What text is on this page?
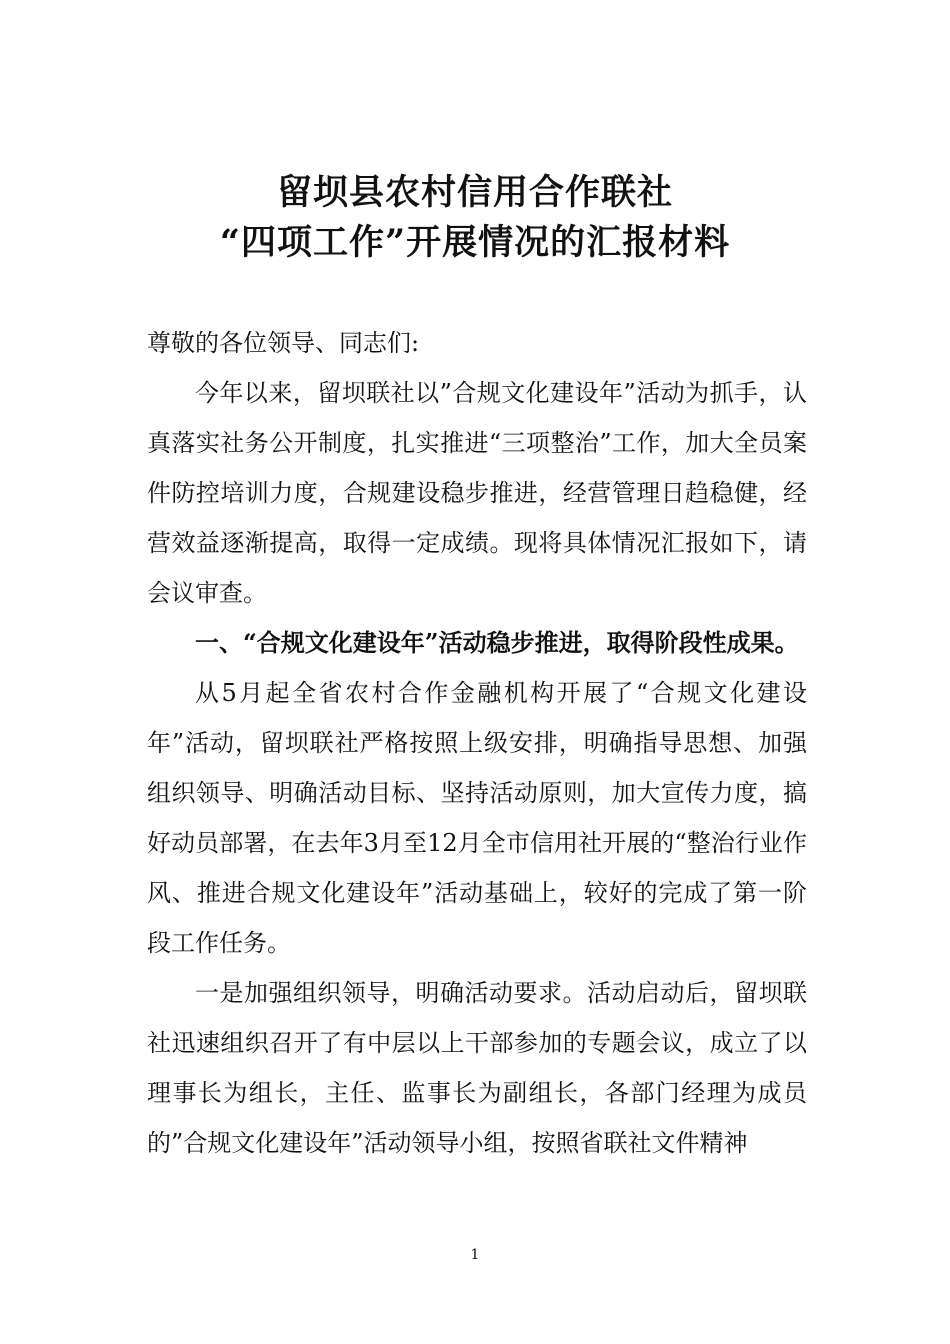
留坝县农村信用合作联社
“四项工作”开展情况的汇报材料

尊敬的各位领导、同志们:

今年以来，留坝联社以”合规文化建设年”活动为抓手，认真落实社务公开制度，扎实推进“三项整治”工作，加大全员案件防控培训力度，合规建设稳步推进，经营管理日趋稳健，经营效益逐渐提高，取得一定成绩。现将具体情况汇报如下，请会议审查。

一、“合规文化建设年”活动稳步推进，取得阶段性成果。

从5月起全省农村合作金融机构开展了“合规文化建设年”活动，留坝联社严格按照上级安排，明确指导思想、加强组织领导、明确活动目标、坚持活动原则，加大宣传力度，搞好动员部署，在去年3月至12月全市信用社开展的“整治行业作风、推进合规文化建设年”活动基础上，较好的完成了第一阶段工作任务。

一是加强组织领导，明确活动要求。活动启动后，留坝联社迅速组织召开了有中层以上干部参加的专题会议，成立了以理事长为组长，主任、监事长为副组长，各部门经理为成员的”合规文化建设年”活动领导小组，按照省联社文件精神

1
